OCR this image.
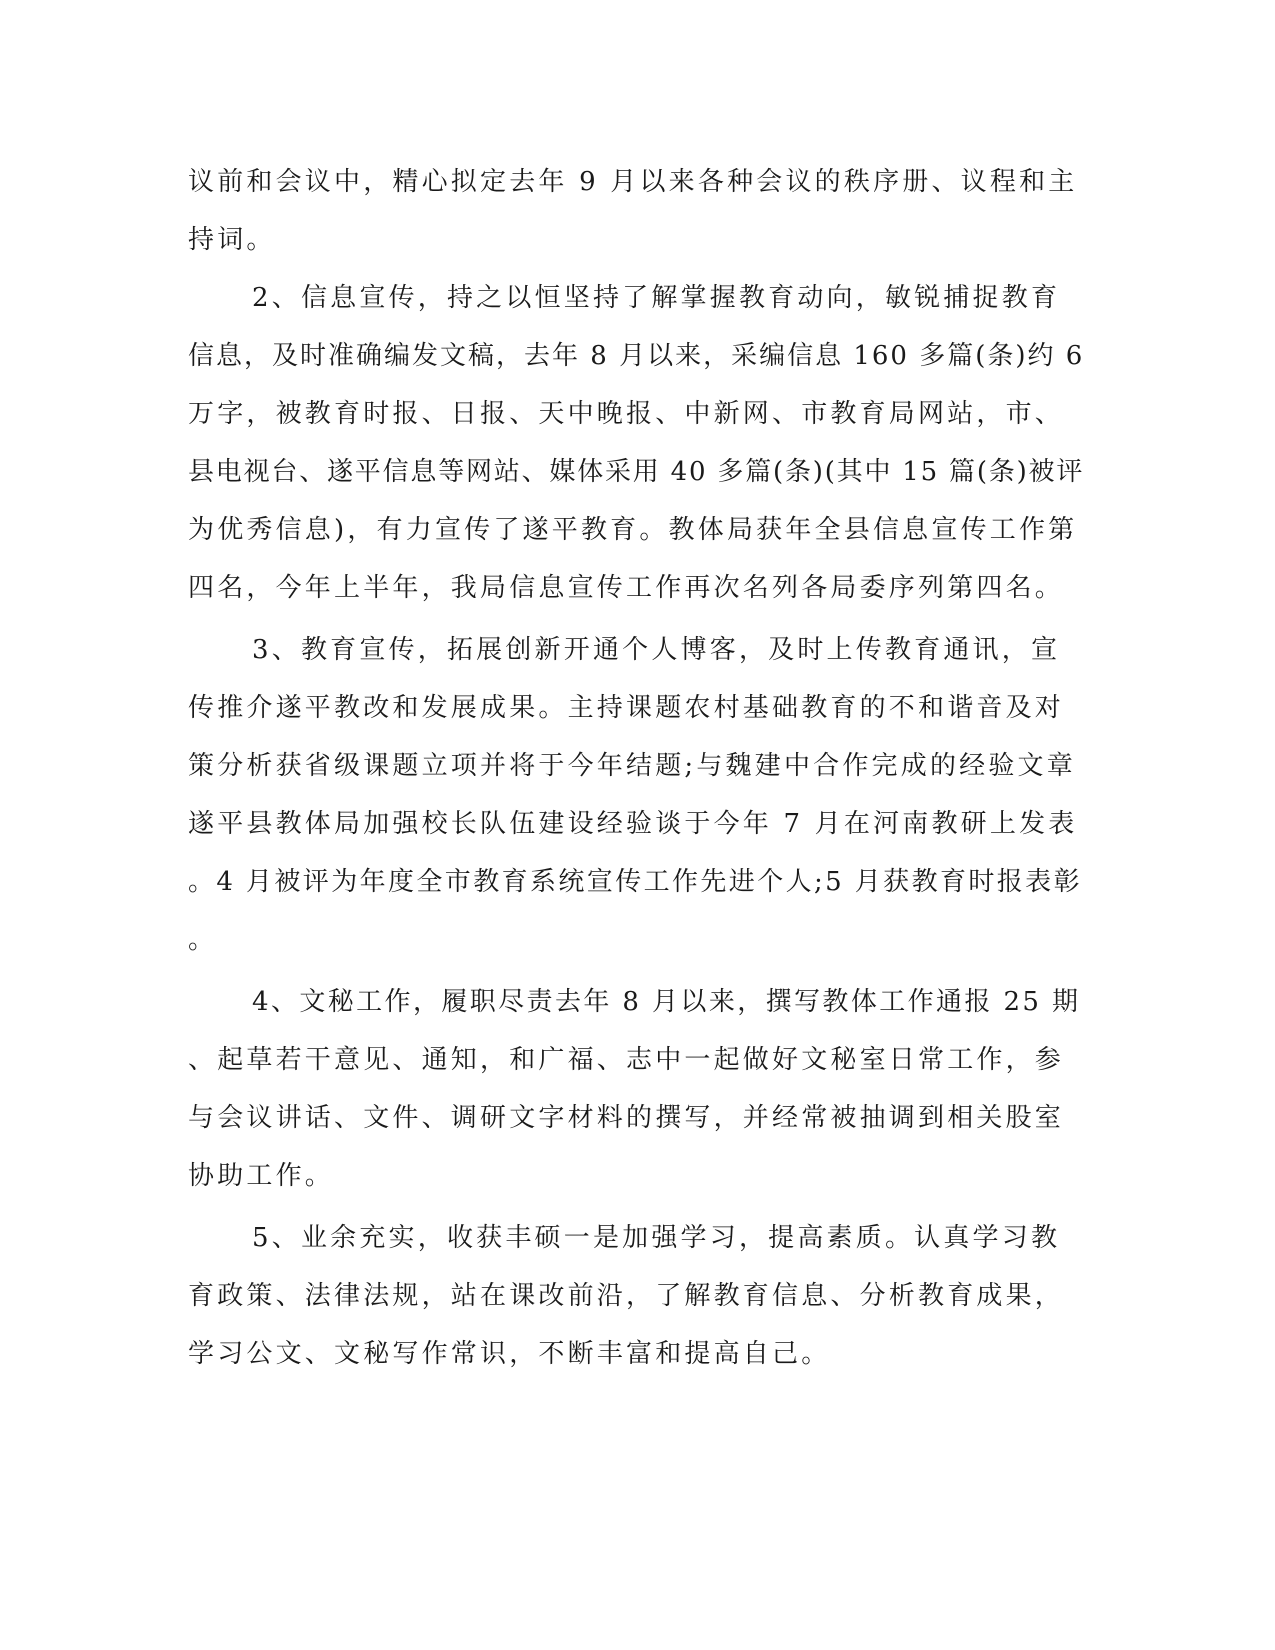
议前和会议中，精心拟定去年 9 月以来各种会议的秩序册、议程和主
持词。
2、信息宣传，持之以恒坚持了解掌握教育动向，敏锐捕捉教育
信息，及时准确编发文稿，去年 8 月以来，采编信息 160 多篇(条)约 6
万字，被教育时报、日报、天中晚报、中新网、市教育局网站，市、
县电视台、遂平信息等网站、媒体采用 40 多篇(条)(其中 15 篇(条)被评
为优秀信息)，有力宣传了遂平教育。教体局获年全县信息宣传工作第
四名，今年上半年，我局信息宣传工作再次名列各局委序列第四名。
3、教育宣传，拓展创新开通个人博客，及时上传教育通讯，宣
传推介遂平教改和发展成果。主持课题农村基础教育的不和谐音及对
策分析获省级课题立项并将于今年结题;与魏建中合作完成的经验文章
遂平县教体局加强校长队伍建设经验谈于今年 7 月在河南教研上发表
。4 月被评为年度全市教育系统宣传工作先进个人;5 月获教育时报表彰
。
4、文秘工作，履职尽责去年 8 月以来，撰写教体工作通报 25 期
、起草若干意见、通知，和广福、志中一起做好文秘室日常工作，参
与会议讲话、文件、调研文字材料的撰写，并经常被抽调到相关股室
协助工作。
5、业余充实，收获丰硕一是加强学习，提高素质。认真学习教
育政策、法律法规，站在课改前沿，了解教育信息、分析教育成果，
学习公文、文秘写作常识，不断丰富和提高自己。
